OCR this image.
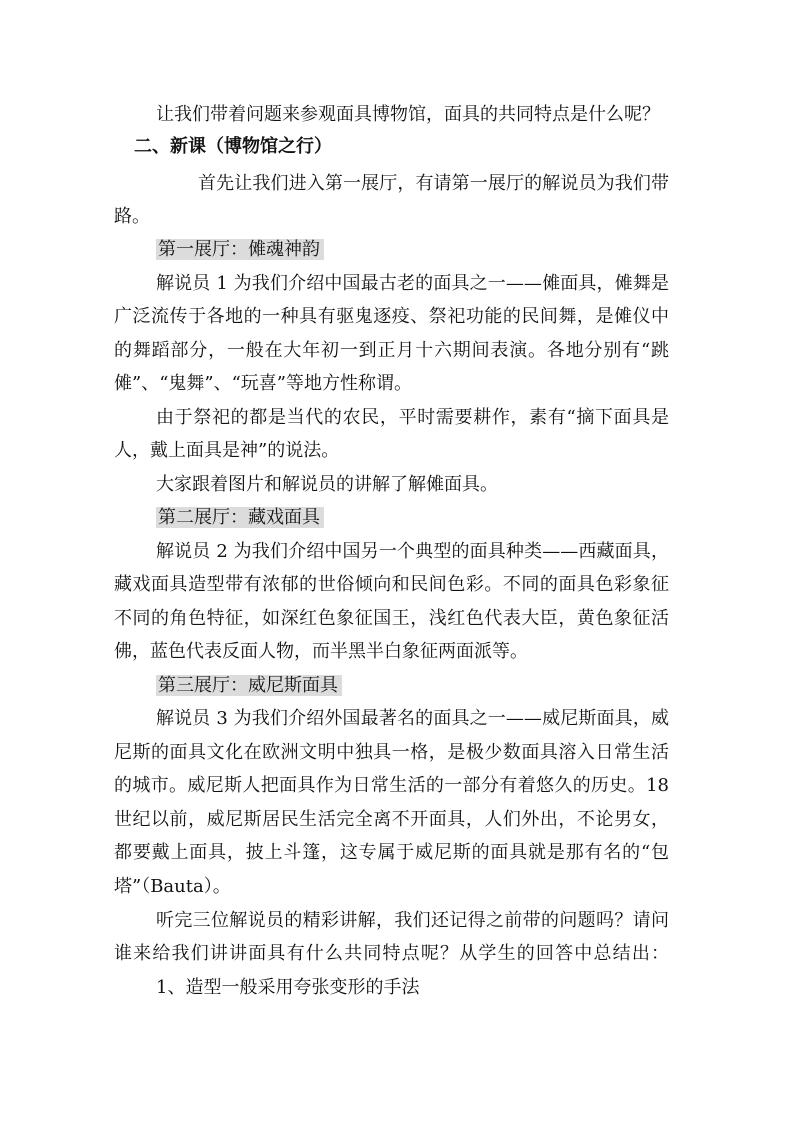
让我们带着问题来参观面具博物馆，面具的共同特点是什么呢？
二、新课（博物馆之行）
首先让我们进入第一展厅，有请第一展厅的解说员为我们带
路。
第一展厅：傩魂神韵
解说员 1 为我们介绍中国最古老的面具之一——傩面具，傩舞是
广泛流传于各地的一种具有驱鬼逐疫、祭祀功能的民间舞，是傩仪中
的舞蹈部分，一般在大年初一到正月十六期间表演。各地分别有“跳
傩”、“鬼舞”、“玩喜”等地方性称谓。
由于祭祀的都是当代的农民，平时需要耕作，素有“摘下面具是
人，戴上面具是神”的说法。
大家跟着图片和解说员的讲解了解傩面具。
第二展厅：藏戏面具
解说员 2 为我们介绍中国另一个典型的面具种类——西藏面具，
藏戏面具造型带有浓郁的世俗倾向和民间色彩。不同的面具色彩象征
不同的角色特征，如深红色象征国王，浅红色代表大臣，黄色象征活
佛，蓝色代表反面人物，而半黑半白象征两面派等。
第三展厅：威尼斯面具
解说员 3 为我们介绍外国最著名的面具之一——威尼斯面具，威
尼斯的面具文化在欧洲文明中独具一格，是极少数面具溶入日常生活
的城市。威尼斯人把面具作为日常生活的一部分有着悠久的历史。18
世纪以前，威尼斯居民生活完全离不开面具，人们外出，不论男女，
都要戴上面具，披上斗篷，这专属于威尼斯的面具就是那有名的“包
塔”（Bauta）。
听完三位解说员的精彩讲解，我们还记得之前带的问题吗？请问
谁来给我们讲讲面具有什么共同特点呢？从学生的回答中总结出：
1、造型一般采用夸张变形的手法
